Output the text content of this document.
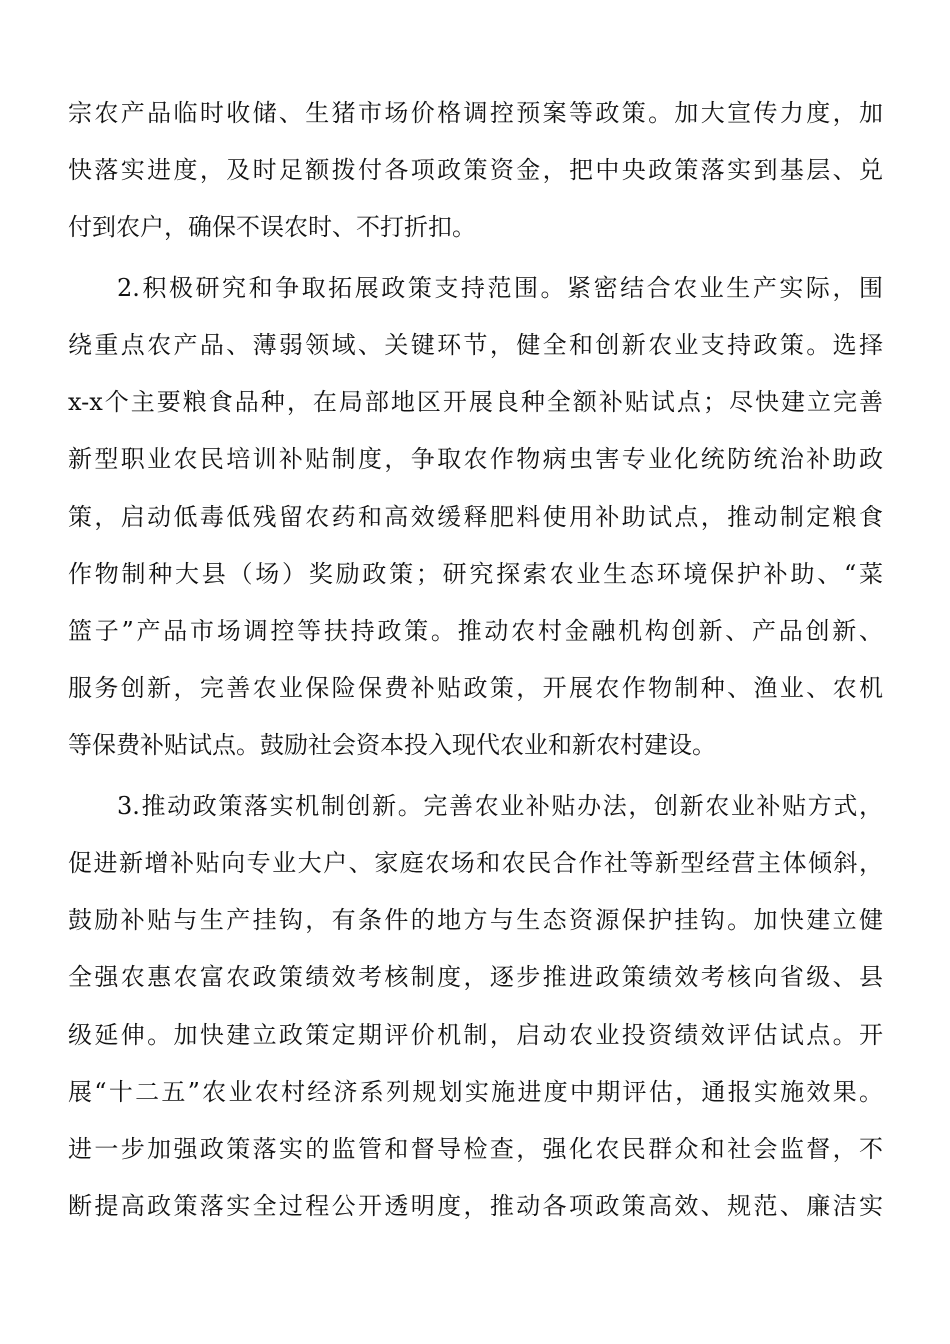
宗农产品临时收储、生猪市场价格调控预案等政策。加大宣传力度，加
快落实进度，及时足额拨付各项政策资金，把中央政策落实到基层、兑
付到农户，确保不误农时、不打折扣。
2.积极研究和争取拓展政策支持范围。紧密结合农业生产实际，围
绕重点农产品、薄弱领域、关键环节，健全和创新农业支持政策。选择
x-x个主要粮食品种，在局部地区开展良种全额补贴试点；尽快建立完善
新型职业农民培训补贴制度，争取农作物病虫害专业化统防统治补助政
策，启动低毒低残留农药和高效缓释肥料使用补助试点，推动制定粮食
作物制种大县（场）奖励政策；研究探索农业生态环境保护补助、“菜
篮子”产品市场调控等扶持政策。推动农村金融机构创新、产品创新、
服务创新，完善农业保险保费补贴政策，开展农作物制种、渔业、农机
等保费补贴试点。鼓励社会资本投入现代农业和新农村建设。
3.推动政策落实机制创新。完善农业补贴办法，创新农业补贴方式，
促进新增补贴向专业大户、家庭农场和农民合作社等新型经营主体倾斜，
鼓励补贴与生产挂钩，有条件的地方与生态资源保护挂钩。加快建立健
全强农惠农富农政策绩效考核制度，逐步推进政策绩效考核向省级、县
级延伸。加快建立政策定期评价机制，启动农业投资绩效评估试点。开
展“十二五”农业农村经济系列规划实施进度中期评估，通报实施效果。
进一步加强政策落实的监管和督导检查，强化农民群众和社会监督，不
断提高政策落实全过程公开透明度，推动各项政策高效、规范、廉洁实
